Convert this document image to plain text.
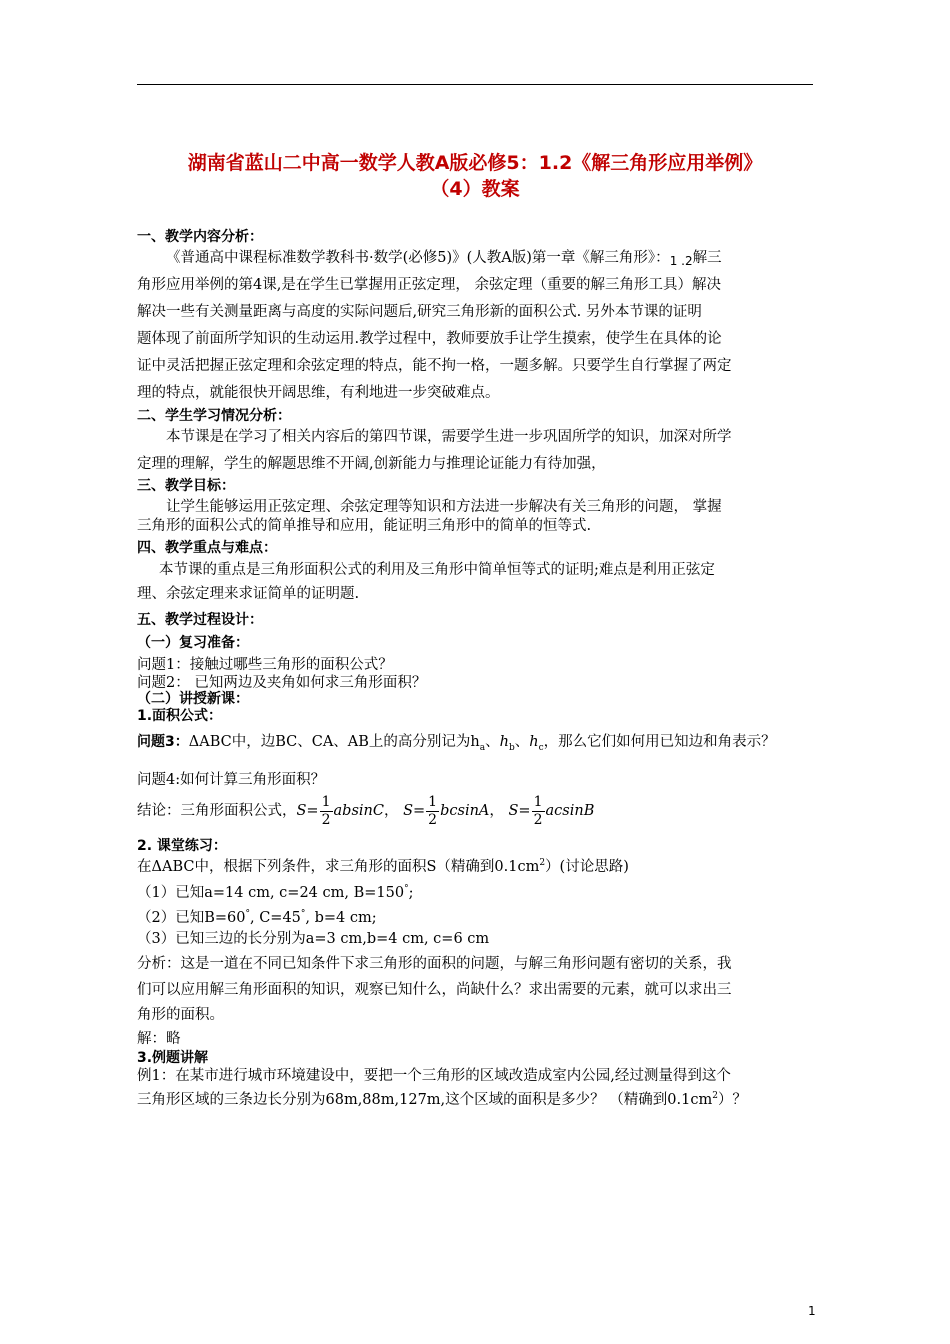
湖南省蓝山二中高一数学人教A版必修5：1.2《解三角形应用举例》
（4）教案
一、教学内容分析：
《普通高中课程标准数学教科书·数学(必修5)》(人教A版)第一章《解三角形》：$_{1 .2}$解三
角形应用举例的第4课,是在学生已掌握用正弦定理， 余弦定理（重要的解三角形工具）解决
解决一些有关测量距离与高度的实际问题后,研究三角形新的面积公式. 另外本节课的证明
题体现了前面所学知识的生动运用.教学过程中，教师要放手让学生摸索，使学生在具体的论
证中灵活把握正弦定理和余弦定理的特点，能不拘一格，一题多解。只要学生自行掌握了两定
理的特点，就能很快开阔思维，有利地进一步突破难点。
二、学生学习情况分析：
本节课是在学习了相关内容后的第四节课，需要学生进一步巩固所学的知识，加深对所学
定理的理解，学生的解题思维不开阔,创新能力与推理论证能力有待加强，
三、教学目标：
让学生能够运用正弦定理、余弦定理等知识和方法进一步解决有关三角形的问题， 掌握
三角形的面积公式的简单推导和应用，能证明三角形中的简单的恒等式.
四、教学重点与难点：
本节课的重点是三角形面积公式的利用及三角形中简单恒等式的证明;难点是利用正弦定
理、余弦定理来求证简单的证明题.
五、教学过程设计：
（一）复习准备：
问题1：接触过哪些三角形的面积公式？
问题2： 已知两边及夹角如何求三角形面积？
（二）讲授新课：
1.面积公式：
问题3：ΔABC中，边BC、CA、AB上的高分别记为$h_a$、$h_b$、$h_c$，那么它们如何用已知边和角表示？
问题4:如何计算三角形面积？
结论：三角形面积公式，$S= \frac{1}{2}$ absinC， $S= \frac{1}{2}$ bcsinA， $S= \frac{1}{2}$ acsinB
2. 课堂练习：
在ΔABC中，根据下列条件，求三角形的面积S（精确到$0.1cm^2$）(讨论思路)
（1）已知a=14 cm, c=24 cm, B=150°;
（2）已知B=60°, C=45°, b=4 cm;
（3）已知三边的长分别为a=3 cm,b=4 cm, c=6 cm
分析：这是一道在不同已知条件下求三角形的面积的问题，与解三角形问题有密切的关系，我
们可以应用解三角形面积的知识，观察已知什么，尚缺什么？求出需要的元素，就可以求出三
角形的面积。
解：略
3.例题讲解
例1：在某市进行城市环境建设中，要把一个三角形的区域改造成室内公园,经过测量得到这个
三角形区域的三条边长分别为68m,88m,127m,这个区域的面积是多少？ （精确到$0.1cm^2$）？
1
